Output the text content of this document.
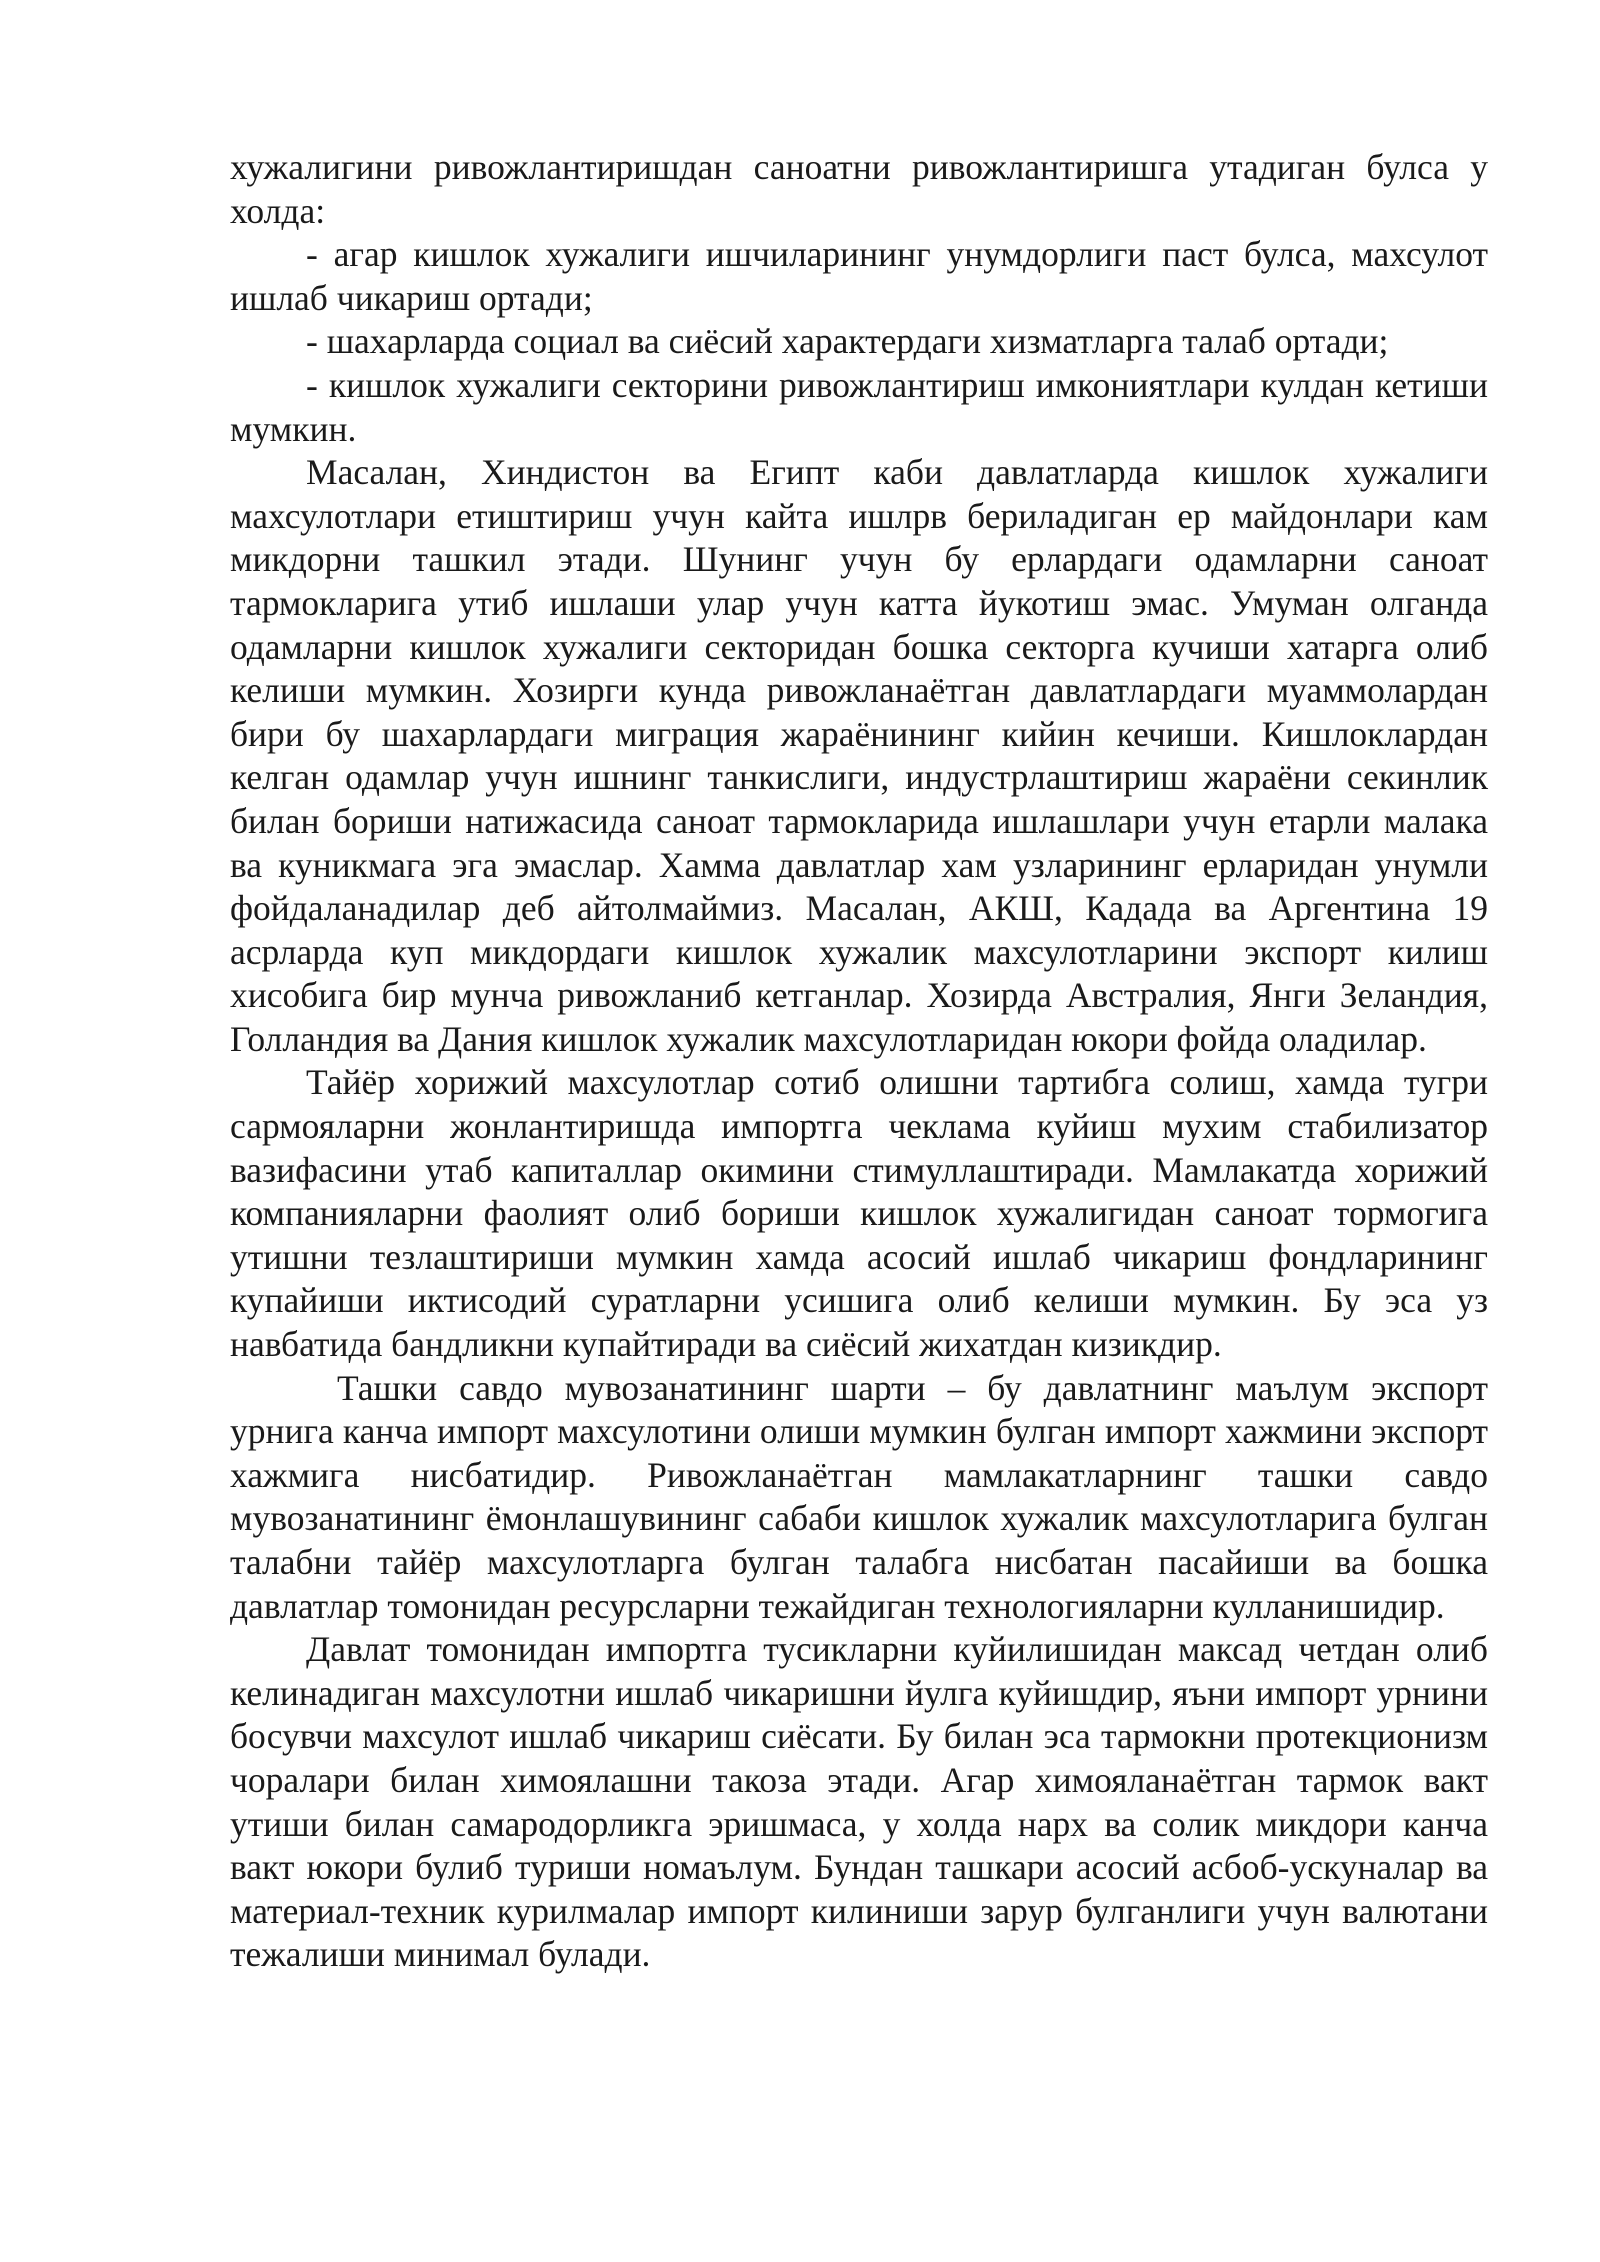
хужалигини ривожлантиришдан саноатни ривожлантиришга утадиган булса у холда:

- агар кишлок хужалиги ишчиларининг унумдорлиги паст булса, махсулот ишлаб чикариш ортади;

- шахарларда социал ва сиёсий характердаги хизматларга талаб ортади;

- кишлок хужалиги секторини ривожлантириш имкониятлари кулдан кетиши мумкин.

Масалан, Хиндистон ва Египт каби давлатларда кишлок хужалиги махсулотлари етиштириш учун кайта ишлрв бериладиган ер майдонлари кам микдорни ташкил этади. Шунинг учун бу ерлардаги одамларни саноат тармокларига утиб ишлаши улар учун катта йукотиш эмас. Умуман олганда одамларни кишлок хужалиги секторидан бошка секторга кучиши хатарга олиб келиши мумкин. Хозирги кунда ривожланаётган давлатлардаги муаммолардан бири бу шахарлардаги миграция жараёнининг кийин кечиши. Кишлоклардан келган одамлар учун ишнинг танкислиги, индустрлаштириш жараёни секинлик билан бориши натижасида саноат тармокларида ишлашлари учун етарли малака ва куникмага эга эмаслар. Хамма давлатлар хам узларининг ерларидан унумли фойдаланадилар деб айтолмаймиз. Масалан, АКШ, Кадада ва Аргентина 19 асрларда куп микдордаги кишлок хужалик махсулотларини экспорт килиш хисобига бир мунча ривожланиб кетганлар. Хозирда Австралия, Янги Зеландия, Голландия ва Дания кишлок хужалик махсулотларидан юкори фойда оладилар.

Тайёр хорижий махсулотлар сотиб олишни тартибга солиш, хамда тугри сармояларни жонлантиришда импортга чеклама куйиш мухим стабилизатор вазифасини утаб капиталлар окимини стимуллаштиради. Мамлакатда хорижий компанияларни фаолият олиб бориши кишлок хужалигидан саноат тормогига утишни тезлаштириши мумкин хамда асосий ишлаб чикариш фондларининг купайиши иктисодий суратларни усишига олиб келиши мумкин. Бу эса уз навбатида бандликни купайтиради ва сиёсий жихатдан кизикдир.

Ташки савдо мувозанатининг шарти – бу давлатнинг маълум экспорт урнига канча импорт махсулотини олиши мумкин булган импорт хажмини экспорт хажмига нисбатидир. Ривожланаётган мамлакатларнинг ташки савдо мувозанатининг ёмонлашувининг сабаби кишлок хужалик махсулотларига булган талабни тайёр махсулотларга булган талабга нисбатан пасайиши ва бошка давлатлар томонидан ресурсларни тежайдиган технологияларни кулланишидир.

Давлат томонидан импортга тусикларни куйилишидан максад четдан олиб келинадиган махсулотни ишлаб чикаришни йулга куйишдир, яъни импорт урнини босувчи махсулот ишлаб чикариш сиёсати. Бу билан эса тармокни протекционизм чоралари билан химоялашни такоза этади. Агар химояланаётган тармок вакт утиши билан самародорликга эришмаса, у холда нарх ва солик микдори канча вакт юкори булиб туриши номаълум. Бундан ташкари асосий асбоб-ускуналар ва материал-техник курилмалар импорт килиниши зарур булганлиги учун валютани тежалиши минимал булади.
